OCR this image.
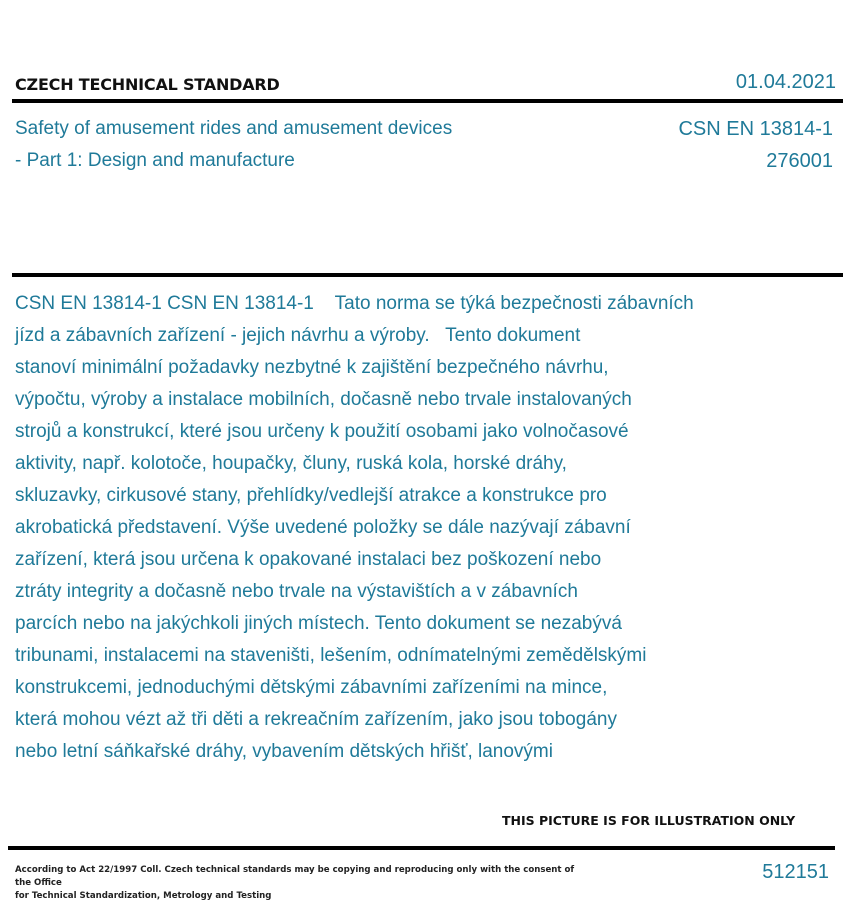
CZECH TECHNICAL STANDARD	01.04.2021
Safety of amusement rides and amusement devices
- Part 1: Design and manufacture
CSN EN 13814-1
276001
CSN EN 13814-1 CSN EN 13814-1    Tato norma se týká bezpečnosti zábavních
jízd a zábavních zařízení - jejich návrhu a výroby.   Tento dokument
stanoví minimální požadavky nezbytné k zajištění bezpečného návrhu,
výpočtu, výroby a instalace mobilních, dočasně nebo trvale instalovaných
strojů a konstrukcí, které jsou určeny k použití osobami jako volnočasové
aktivity, např. kolotoče, houpačky, čluny, ruská kola, horské dráhy,
skluzavky, cirkusové stany, přehlídky/vedlejší atrakce a konstrukce pro
akrobatická představení. Výše uvedené položky se dále nazývají zábavní
zařízení, která jsou určena k opakované instalaci bez poškození nebo
ztráty integrity a dočasně nebo trvale na výstavištích a v zábavních
parcích nebo na jakýchkoli jiných místech. Tento dokument se nezabývá
tribunami, instalacemi na staveništi, lešením, odnímatelnými zemědělskými
konstrukcemi, jednoduchými dětskými zábavními zařízeními na mince,
která mohou vézt až tři děti a rekreačním zařízením, jako jsou tobogány
nebo letní sáňkařské dráhy, vybavením dětských hřišť, lanovými
THIS PICTURE IS FOR ILLUSTRATION ONLY
According to Act 22/1997 Coll. Czech technical standards may be copying and reproducing only with the consent of the Office
for Technical Standardization, Metrology and Testing
512151
